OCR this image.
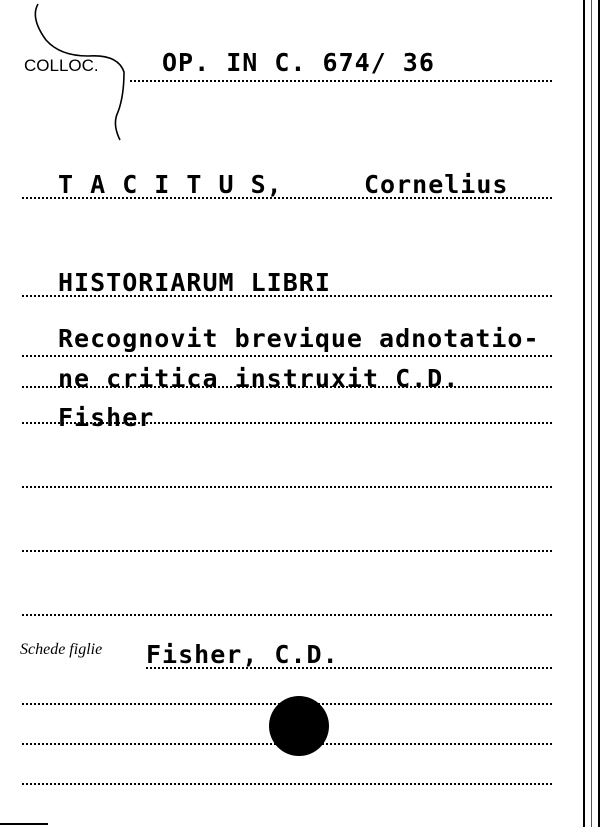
COLLOC.	OP. IN C. 674/ 36
T A C I T U S,	Cornelius
HISTORIARUM LIBRI
Recognovit brevique adnotatio-
ne critica instruxit C.D.
Fisher
Schede figlie Fisher, C.D.
